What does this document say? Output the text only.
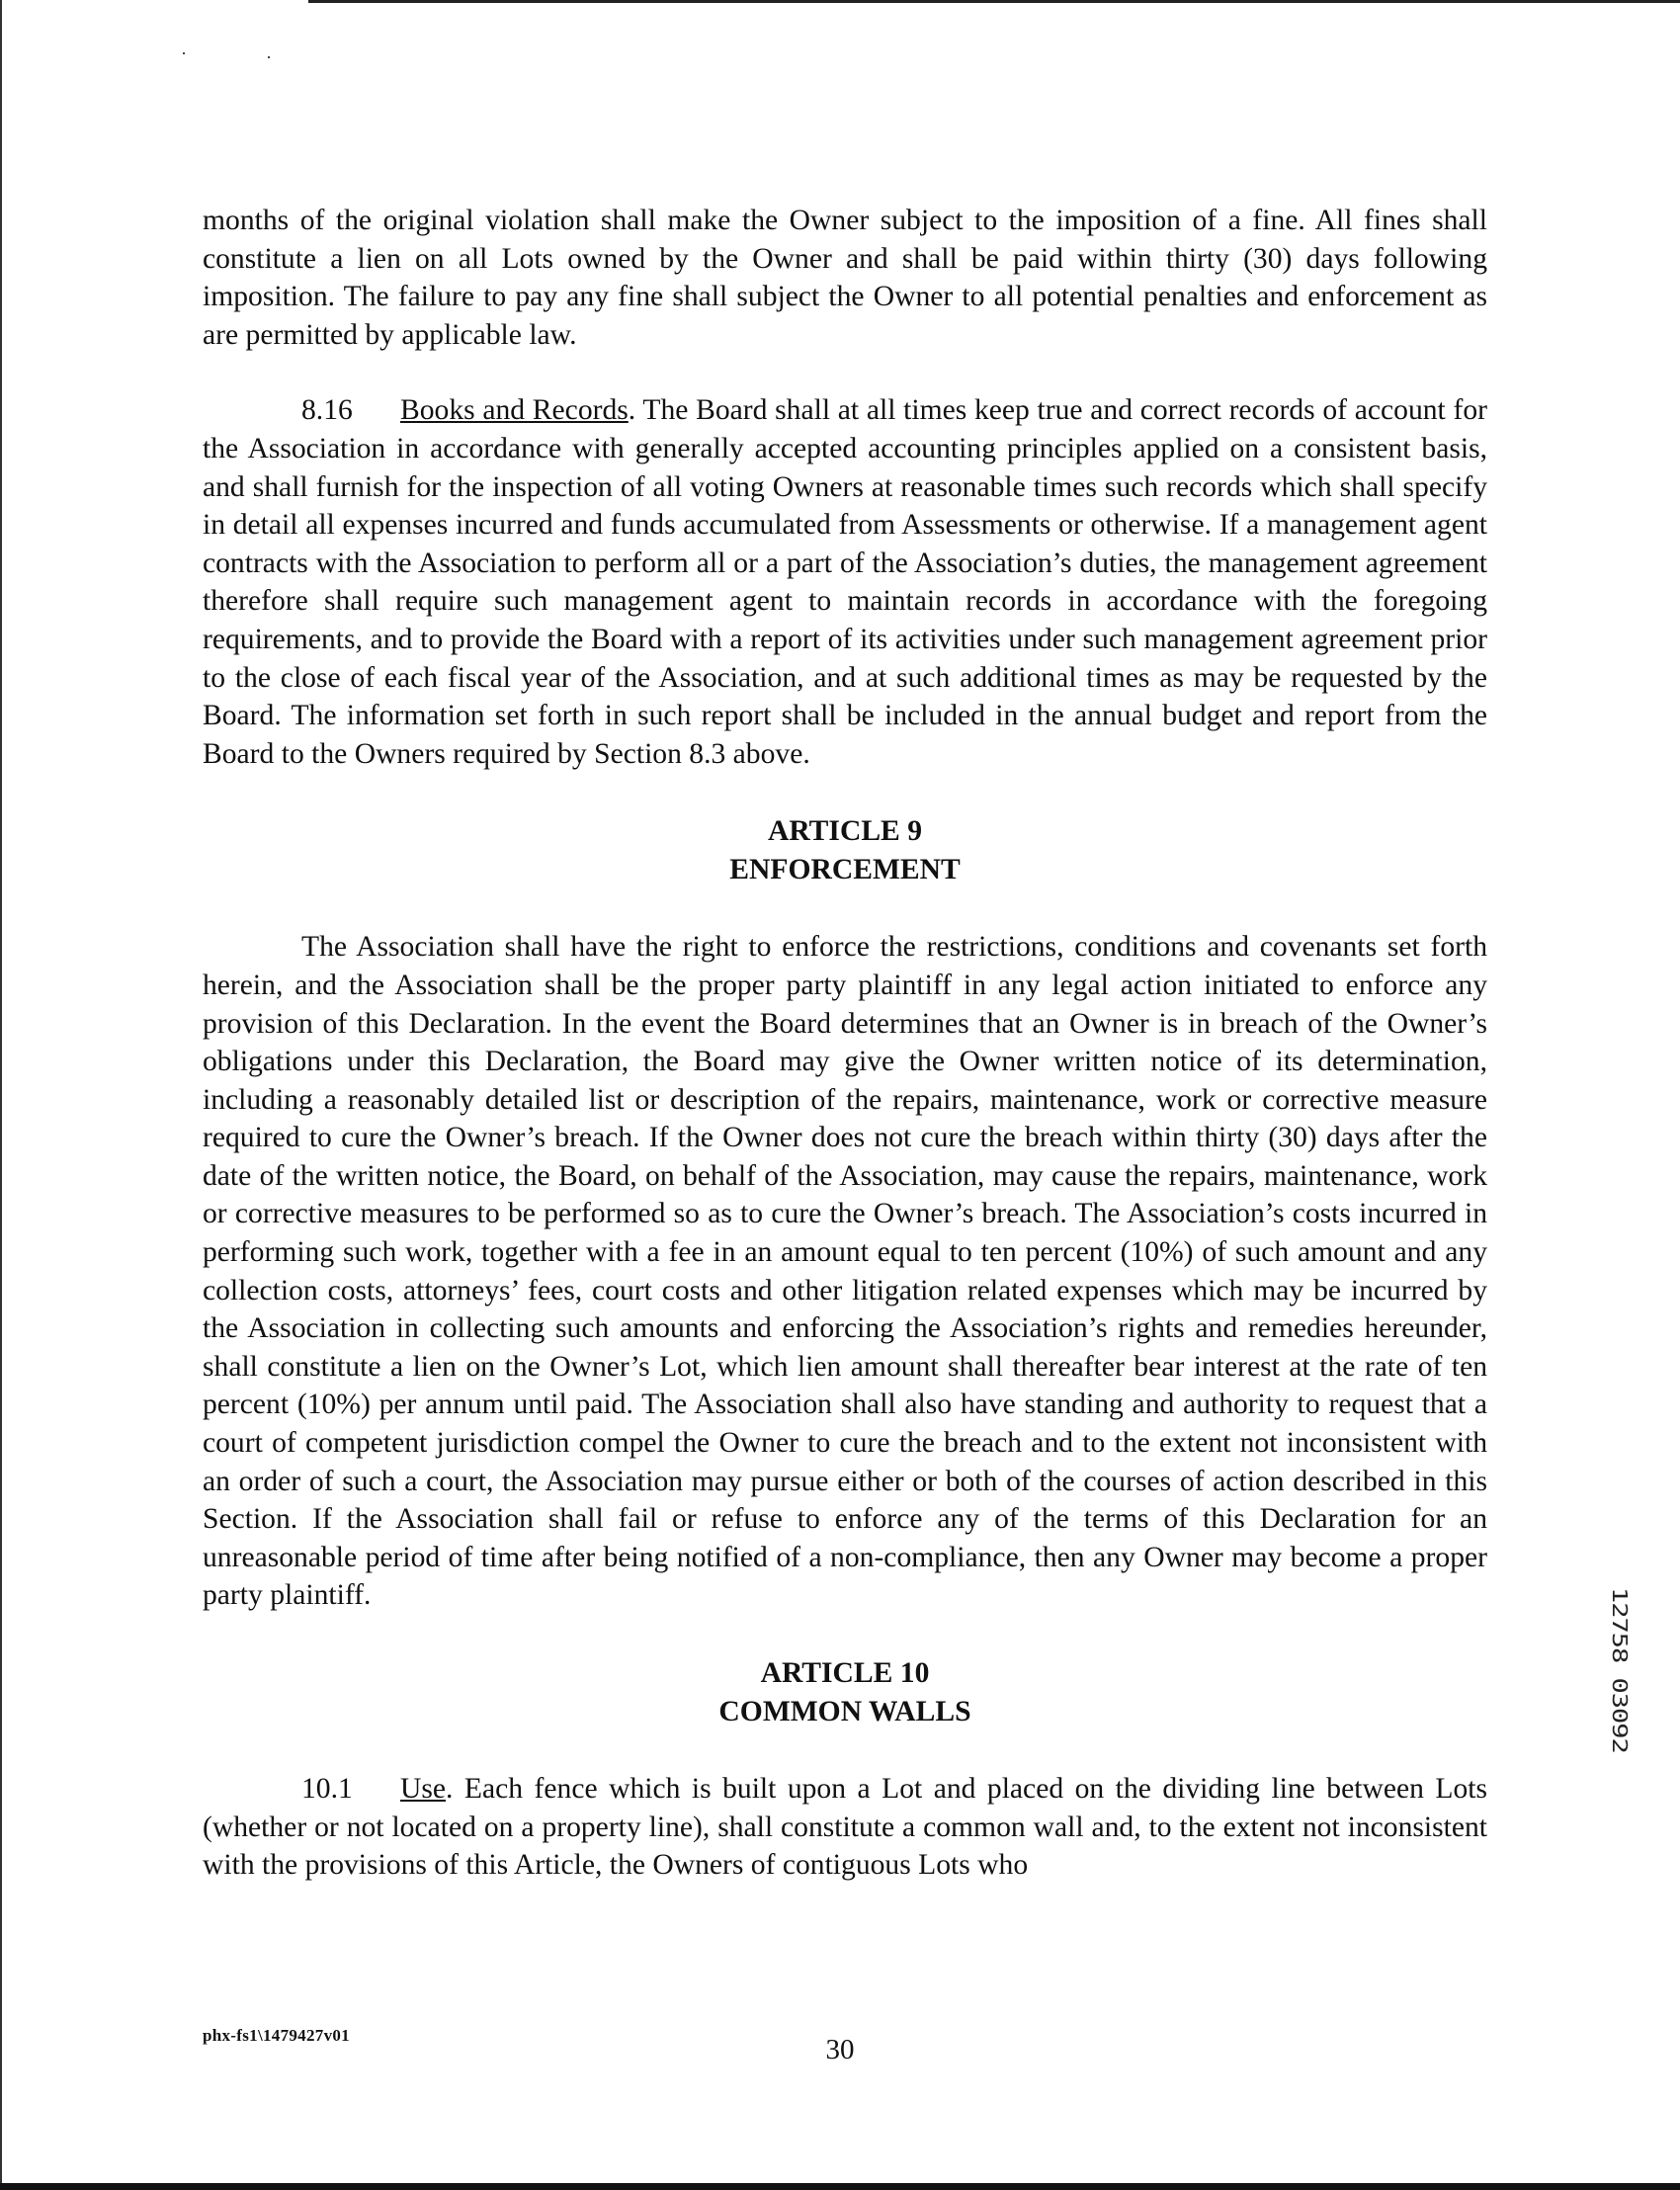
months of the original violation shall make the Owner subject to the imposition of a fine. All fines shall constitute a lien on all Lots owned by the Owner and shall be paid within thirty (30) days following imposition. The failure to pay any fine shall subject the Owner to all potential penalties and enforcement as are permitted by applicable law.

8.16 Books and Records. The Board shall at all times keep true and correct records of account for the Association in accordance with generally accepted accounting principles applied on a consistent basis, and shall furnish for the inspection of all voting Owners at reasonable times such records which shall specify in detail all expenses incurred and funds accumulated from Assessments or otherwise. If a management agent contracts with the Association to perform all or a part of the Association’s duties, the management agreement therefore shall require such management agent to maintain records in accordance with the foregoing requirements, and to provide the Board with a report of its activities under such management agreement prior to the close of each fiscal year of the Association, and at such additional times as may be requested by the Board. The information set forth in such report shall be included in the annual budget and report from the Board to the Owners required by Section 8.3 above.

ARTICLE 9
ENFORCEMENT

The Association shall have the right to enforce the restrictions, conditions and covenants set forth herein, and the Association shall be the proper party plaintiff in any legal action initiated to enforce any provision of this Declaration. In the event the Board determines that an Owner is in breach of the Owner’s obligations under this Declaration, the Board may give the Owner written notice of its determination, including a reasonably detailed list or description of the repairs, maintenance, work or corrective measure required to cure the Owner’s breach. If the Owner does not cure the breach within thirty (30) days after the date of the written notice, the Board, on behalf of the Association, may cause the repairs, maintenance, work or corrective measures to be performed so as to cure the Owner’s breach. The Association’s costs incurred in performing such work, together with a fee in an amount equal to ten percent (10%) of such amount and any collection costs, attorneys’ fees, court costs and other litigation related expenses which may be incurred by the Association in collecting such amounts and enforcing the Association’s rights and remedies hereunder, shall constitute a lien on the Owner’s Lot, which lien amount shall thereafter bear interest at the rate of ten percent (10%) per annum until paid. The Association shall also have standing and authority to request that a court of competent jurisdiction compel the Owner to cure the breach and to the extent not inconsistent with an order of such a court, the Association may pursue either or both of the courses of action described in this Section. If the Association shall fail or refuse to enforce any of the terms of this Declaration for an unreasonable period of time after being notified of a non-compliance, then any Owner may become a proper party plaintiff.

ARTICLE 10
COMMON WALLS

10.1 Use. Each fence which is built upon a Lot and placed on the dividing line between Lots (whether or not located on a property line), shall constitute a common wall and, to the extent not inconsistent with the provisions of this Article, the Owners of contiguous Lots who

phx-fs1\1479427v01	30
12758 03092
